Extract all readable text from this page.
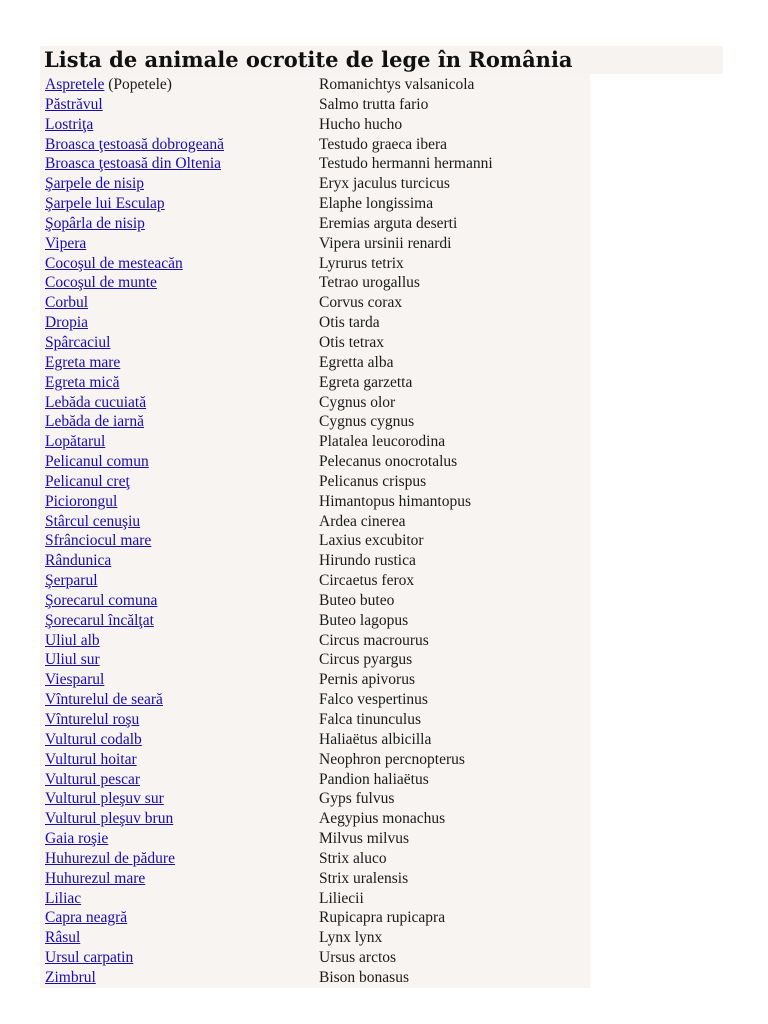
Lista de animale ocrotite de lege în România
Aspretele (Popetele)	Romanichtys valsanicola
Păstrăvul	Salmo trutta fario
Lostriţa	Hucho hucho
Broasca ţestoasă dobrogeană	Testudo graeca ibera
Broasca ţestoasă din Oltenia	Testudo hermanni hermanni
Şarpele de nisip	Eryx jaculus turcicus
Şarpele lui Esculap	Elaphe longissima
Şopârla de nisip	Eremias arguta deserti
Vipera	Vipera ursinii renardi
Cocoşul de mesteacăn	Lyrurus tetrix
Cocoşul de munte	Tetrao urogallus
Corbul	Corvus corax
Dropia	Otis tarda
Spârcaciul	Otis tetrax
Egreta mare	Egretta alba
Egreta mică	Egreta garzetta
Lebăda cucuiată	Cygnus olor
Lebăda de iarnă	Cygnus cygnus
Lopătarul	Platalea leucorodina
Pelicanul comun	Pelecanus onocrotalus
Pelicanul creţ	Pelicanus crispus
Piciorongul	Himantopus himantopus
Stârcul cenuşiu	Ardea cinerea
Sfrânciocul mare	Laxius excubitor
Rândunica	Hirundo rustica
Şerparul	Circaetus ferox
Şorecarul comuna	Buteo buteo
Şorecarul încălţat	Buteo lagopus
Uliul alb	Circus macrourus
Uliul sur	Circus pyargus
Viesparul	Pernis apivorus
Vînturelul de seară	Falco vespertinus
Vînturelul roşu	Falca tinunculus
Vulturul codalb	Haliaëtus albicilla
Vulturul hoitar	Neophron percnopterus
Vulturul pescar	Pandion haliaëtus
Vulturul pleşuv sur	Gyps fulvus
Vulturul pleşuv brun	Aegypius monachus
Gaia roşie	Milvus milvus
Huhurezul de pădure	Strix aluco
Huhurezul mare	Strix uralensis
Liliac	Liliecii
Capra neagră	Rupicapra rupicapra
Râsul	Lynx lynx
Ursul carpatin	Ursus arctos
Zimbrul	Bison bonasus
